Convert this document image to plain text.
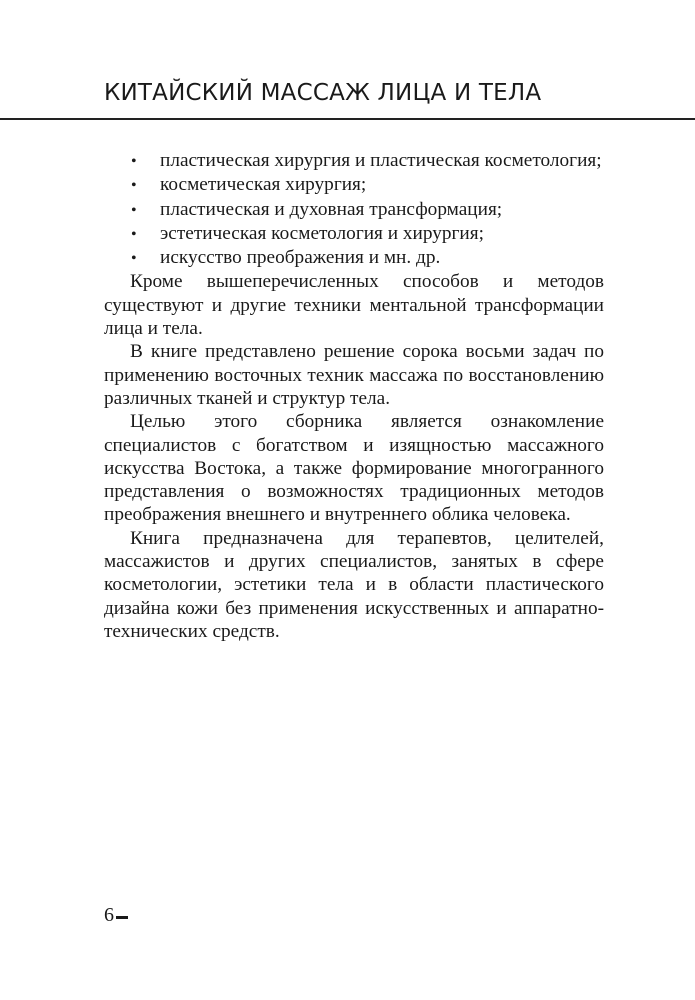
КИТАЙСКИЙ МАССАЖ ЛИЦА И ТЕЛА
•	пластическая хирургия и пластическая косметология;
•	косметическая хирургия;
•	пластическая и духовная трансформация;
•	эстетическая косметология и хирургия;
•	искусство преображения и мн. др.

Кроме вышеперечисленных способов и методов существуют и другие техники ментальной трансформации лица и тела.

В книге представлено решение сорока восьми задач по применению восточных техник массажа по восстановлению различных тканей и структур тела.

Целью этого сборника является ознакомление специалистов с богатством и изящностью массажного искусства Востока, а также формирование многогранного представления о возможностях традиционных методов преображения внешнего и внутреннего облика человека.

Книга предназначена для терапевтов, целителей, массажистов и других специалистов, занятых в сфере косметологии, эстетики тела и в области пластического дизайна кожи без применения искусственных и аппаратно-технических средств.

6
